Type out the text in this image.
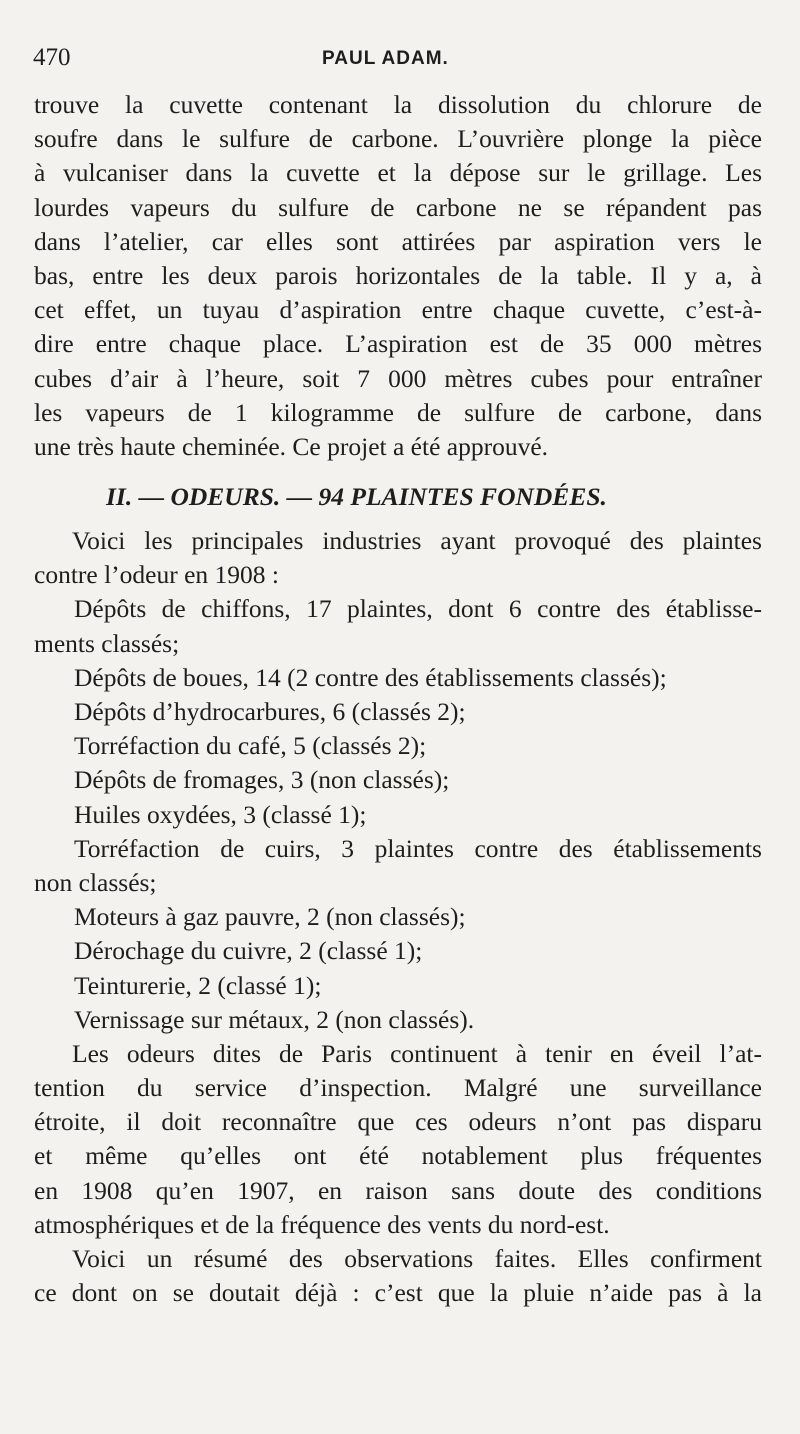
470	PAUL ADAM.
trouve la cuvette contenant la dissolution du chlorure de
soufre dans le sulfure de carbone. L’ouvrière plonge la pièce
à vulcaniser dans la cuvette et la dépose sur le grillage. Les
lourdes vapeurs du sulfure de carbone ne se répandent pas
dans l’atelier, car elles sont attirées par aspiration vers le
bas, entre les deux parois horizontales de la table. Il y a, à
cet effet, un tuyau d’aspiration entre chaque cuvette, c’est-à-
dire entre chaque place. L’aspiration est de 35 000 mètres
cubes d’air à l’heure, soit 7 000 mètres cubes pour entraîner
les vapeurs de 1 kilogramme de sulfure de carbone, dans
une très haute cheminée. Ce projet a été approuvé.
II. — ODEURS. — 94 PLAINTES FONDÉES.
Voici les principales industries ayant provoqué des plaintes
contre l’odeur en 1908 :
Dépôts de chiffons, 17 plaintes, dont 6 contre des établisse-
ments classés;
Dépôts de boues, 14 (2 contre des établissements classés);
Dépôts d’hydrocarbures, 6 (classés 2);
Torréfaction du café, 5 (classés 2);
Dépôts de fromages, 3 (non classés);
Huiles oxydées, 3 (classé 1);
Torréfaction de cuirs, 3 plaintes contre des établissements
non classés;
Moteurs à gaz pauvre, 2 (non classés);
Dérochage du cuivre, 2 (classé 1);
Teinturerie, 2 (classé 1);
Vernissage sur métaux, 2 (non classés).
Les odeurs dites de Paris continuent à tenir en éveil l’at-
tention du service d’inspection. Malgré une surveillance
étroite, il doit reconnaître que ces odeurs n’ont pas disparu
et même qu’elles ont été notablement plus fréquentes
en 1908 qu’en 1907, en raison sans doute des conditions
atmosphériques et de la fréquence des vents du nord-est.
Voici un résumé des observations faites. Elles confirment
ce dont on se doutait déjà : c’est que la pluie n’aide pas à la
